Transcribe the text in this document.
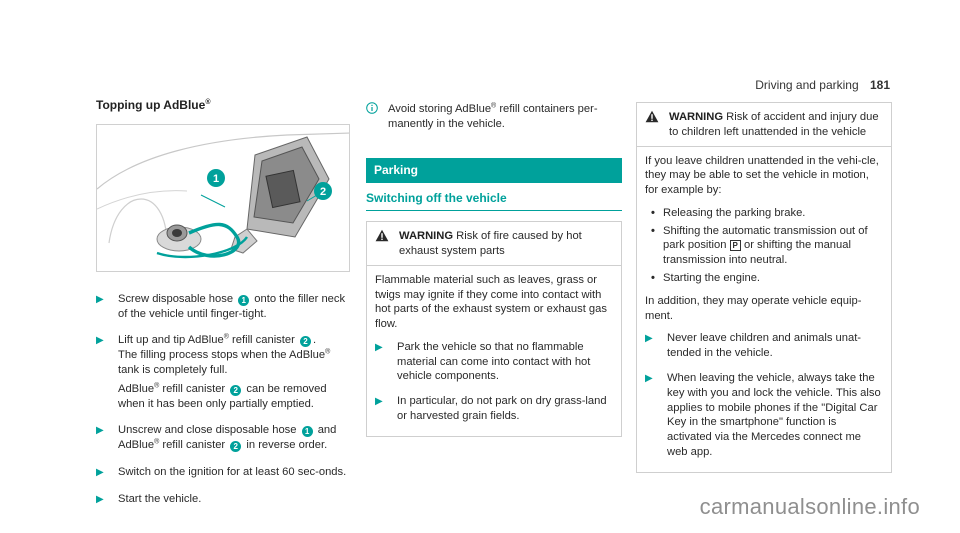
Driving and parking 181
Topping up AdBlue®
1
2
▶	Screw disposable hose 1 onto the filler neck of the vehicle until finger-tight.
▶	Lift up and tip AdBlue® refill canister 2 .
The filling process stops when the AdBlue® tank is completely full.

AdBlue® refill canister 2 can be removed when it has been only partially emptied.

▶	Unscrew and close disposable hose 1 and AdBlue® refill canister 2 in reverse order.
▶	Switch on the ignition for at least 60 sec-onds.
▶	Start the vehicle.
Avoid storing AdBlue® refill containers per-manently in the vehicle.
Parking
Switching off the vehicle
WARNING Risk of fire caused by hot exhaust system parts

Flammable material such as leaves, grass or twigs may ignite if they come into contact with hot parts of the exhaust system or exhaust gas flow.

▶	Park the vehicle so that no flammable material can come into contact with hot vehicle components.
▶	In particular, do not park on dry grass-land or harvested grain fields.
WARNING Risk of accident and injury due to children left unattended in the vehicle

If you leave children unattended in the vehi-cle, they may be able to set the vehicle in motion, for example by:

• Releasing the parking brake.
• Shifting the automatic transmission out of park position P or shifting the manual transmission into neutral.
• Starting the engine.

In addition, they may operate vehicle equip-ment.

▶	Never leave children and animals unat-tended in the vehicle.
▶	When leaving the vehicle, always take the key with you and lock the vehicle. This also applies to mobile phones if the "Digital Car Key in the smartphone" function is activated via the Mercedes connect me web app.
carmanualsonline.info
